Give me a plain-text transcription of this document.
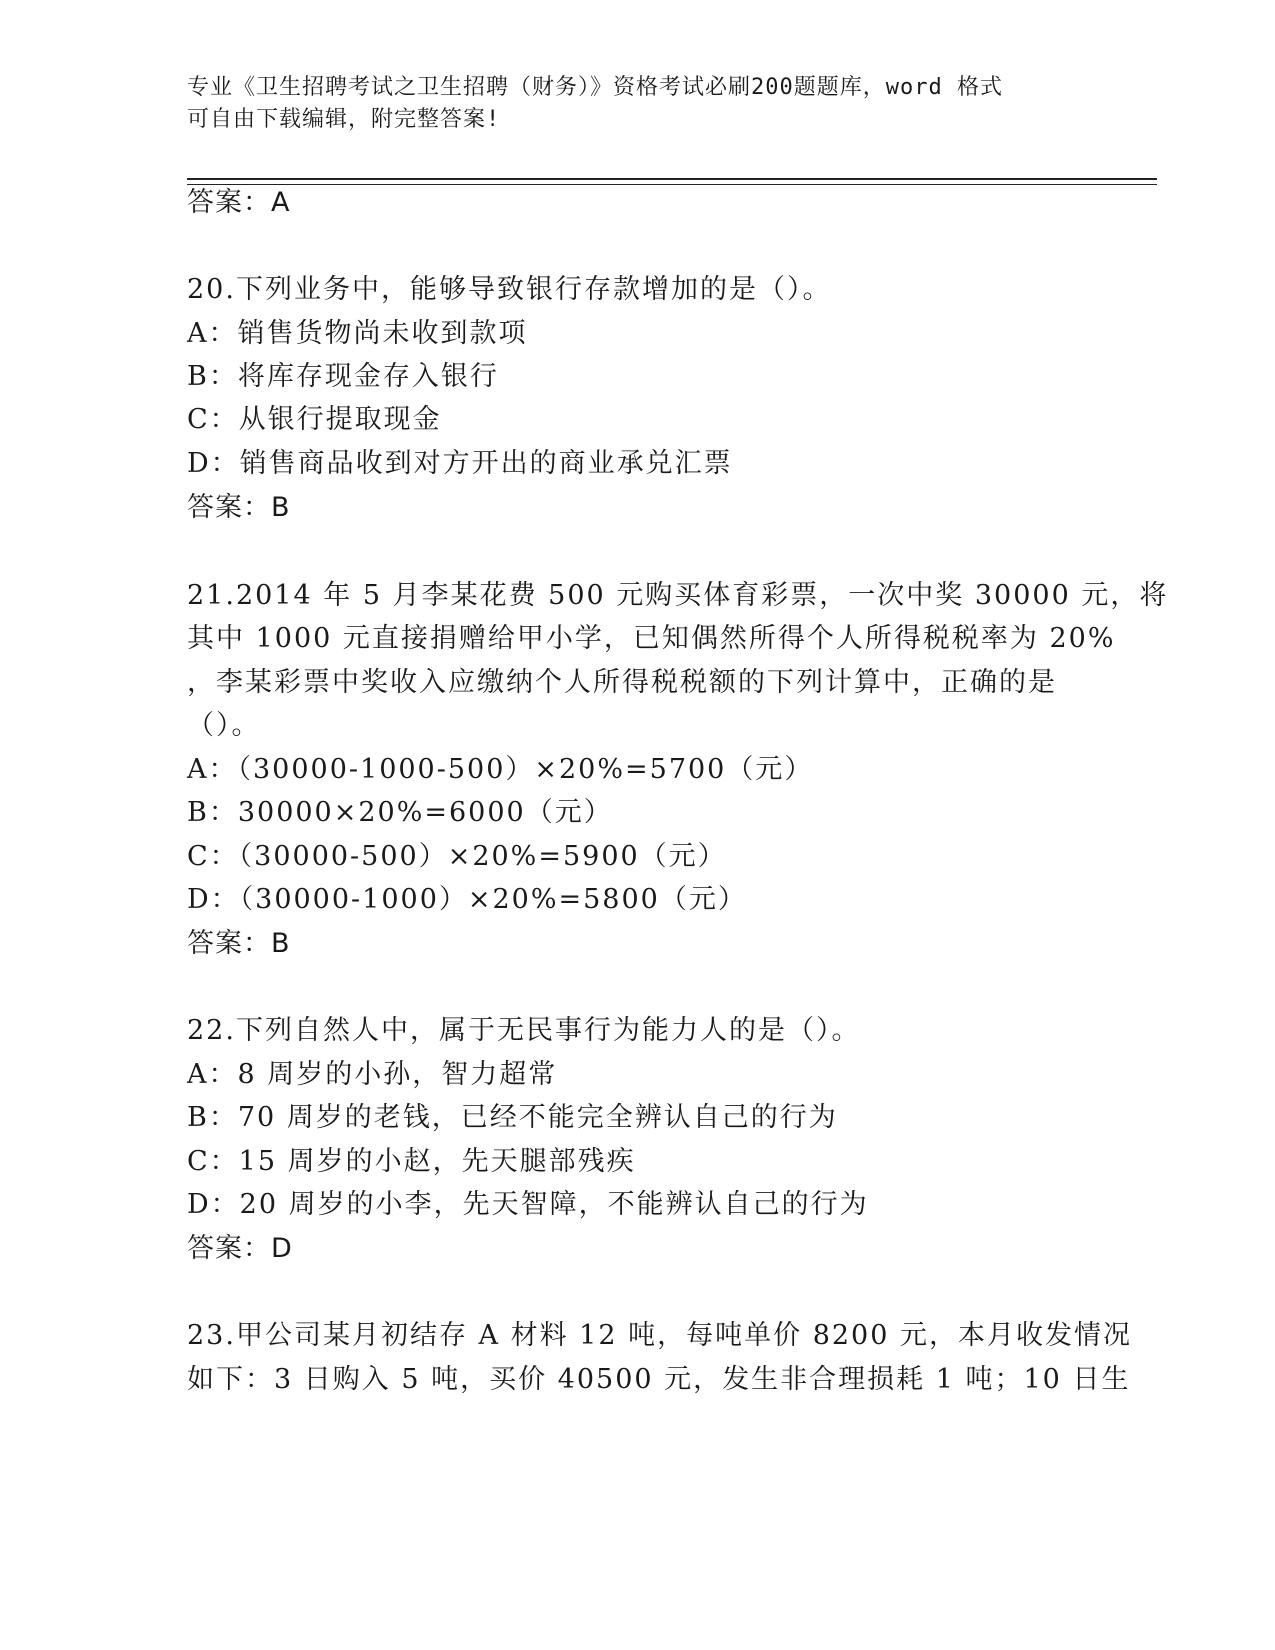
专业《卫生招聘考试之卫生招聘（财务）》资格考试必刷200题题库，word 格式
可自由下载编辑，附完整答案!
答案：A
20.下列业务中，能够导致银行存款增加的是（）。
A：销售货物尚未收到款项
B：将库存现金存入银行
C：从银行提取现金
D：销售商品收到对方开出的商业承兑汇票
答案：B
21.2014 年 5 月李某花费 500 元购买体育彩票，一次中奖 30000 元，将
其中 1000 元直接捐赠给甲小学，已知偶然所得个人所得税税率为 20%
，李某彩票中奖收入应缴纳个人所得税税额的下列计算中，正确的是
（）。
A：（30000-1000-500）×20%=5700（元）
B：30000×20%=6000（元）
C：（30000-500）×20%=5900（元）
D：（30000-1000）×20%=5800（元）
答案：B
22.下列自然人中，属于无民事行为能力人的是（）。
A：8 周岁的小孙，智力超常
B：70 周岁的老钱，已经不能完全辨认自己的行为
C：15 周岁的小赵，先天腿部残疾
D：20 周岁的小李，先天智障，不能辨认自己的行为
答案：D
23.甲公司某月初结存 A 材料 12 吨，每吨单价 8200 元，本月收发情况
如下：3 日购入 5 吨，买价 40500 元，发生非合理损耗 1 吨；10 日生
